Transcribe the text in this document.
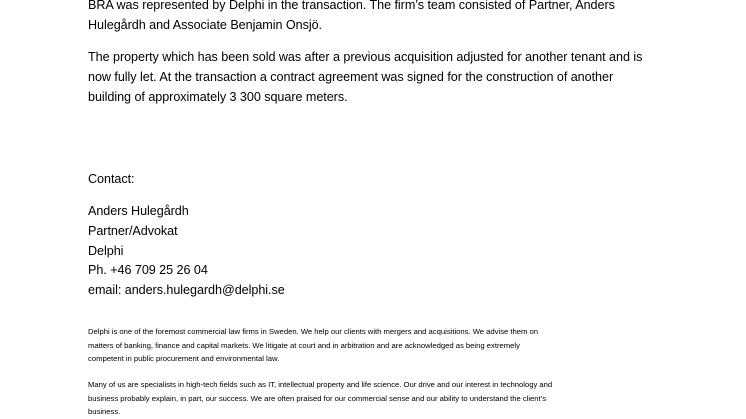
BRA was represented by Delphi in the transaction. The firm’s team consisted of Partner, Anders
Hulegårdh and Associate Benjamin Onsjö.

The property which has been sold was after a previous acquisition adjusted for another tenant and is
now fully let. At the transaction a contract agreement was signed for the construction of another
building of approximately 3 300 square meters.

Contact:

Anders Hulegårdh
Partner/Advokat
Delphi
Ph. +46 709 25 26 04
email: anders.hulegardh@delphi.se

Delphi is one of the foremost commercial law firms in Sweden. We help our clients with mergers and acquisitions. We advise them on
matters of banking, finance and capital markets. We litigate at court and in arbitration and are acknowledged as being extremely
competent in public procurement and environmental law.

Many of us are specialists in high-tech fields such as IT, intellectual property and life science. Our drive and our interest in technology and
business probably explain, in part, our success. We are often praised for our commercial sense and our ability to understand the client’s
business.
